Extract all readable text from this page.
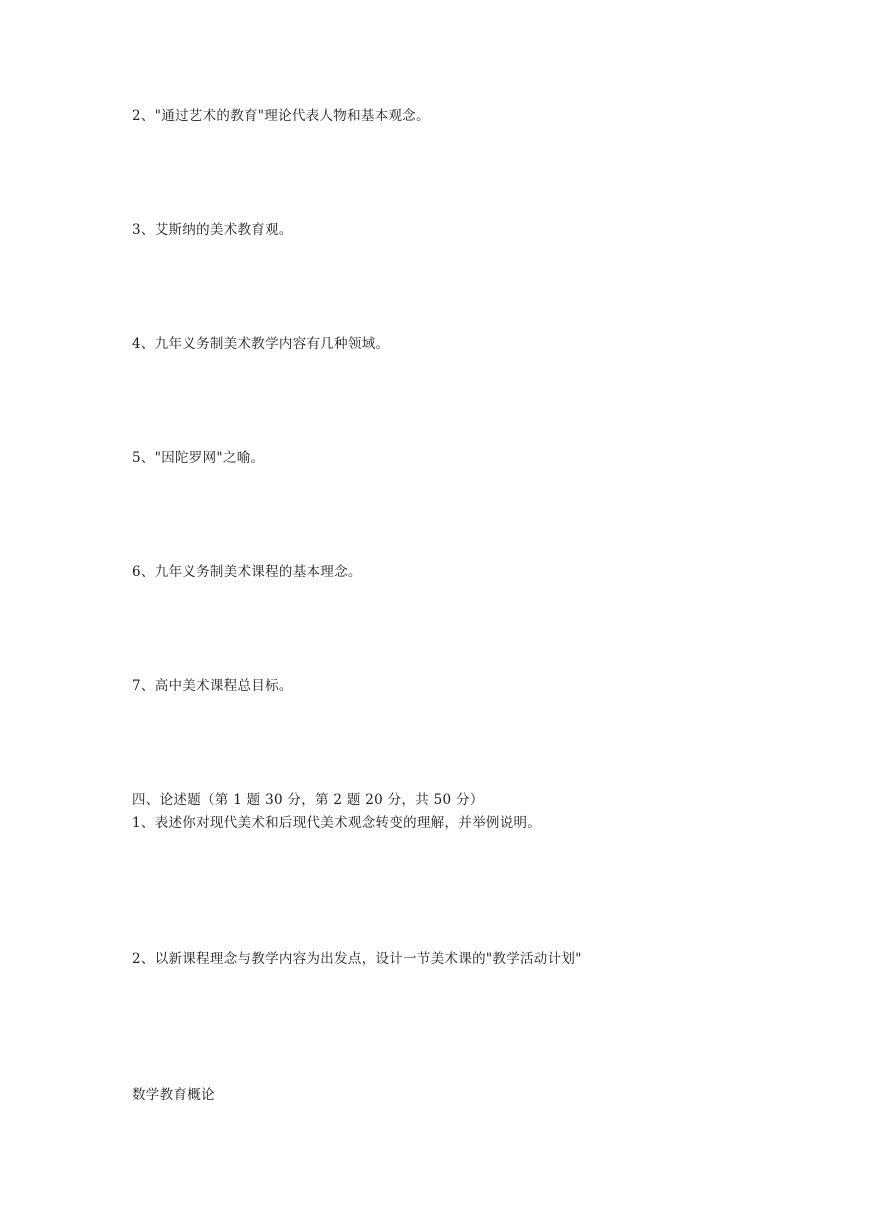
2、"通过艺术的教育"理论代表人物和基本观念。
3、艾斯纳的美术教育观。
4、九年义务制美术教学内容有几种领域。
5、"因陀罗网"之喻。
6、九年义务制美术课程的基本理念。
7、高中美术课程总目标。
四、论述题（第 1 题 30 分，第 2 题 20 分，共 50 分）
1、表述你对现代美术和后现代美术观念转变的理解，并举例说明。
2、以新课程理念与教学内容为出发点，设计一节美术课的"教学活动计划"
数学教育概论
